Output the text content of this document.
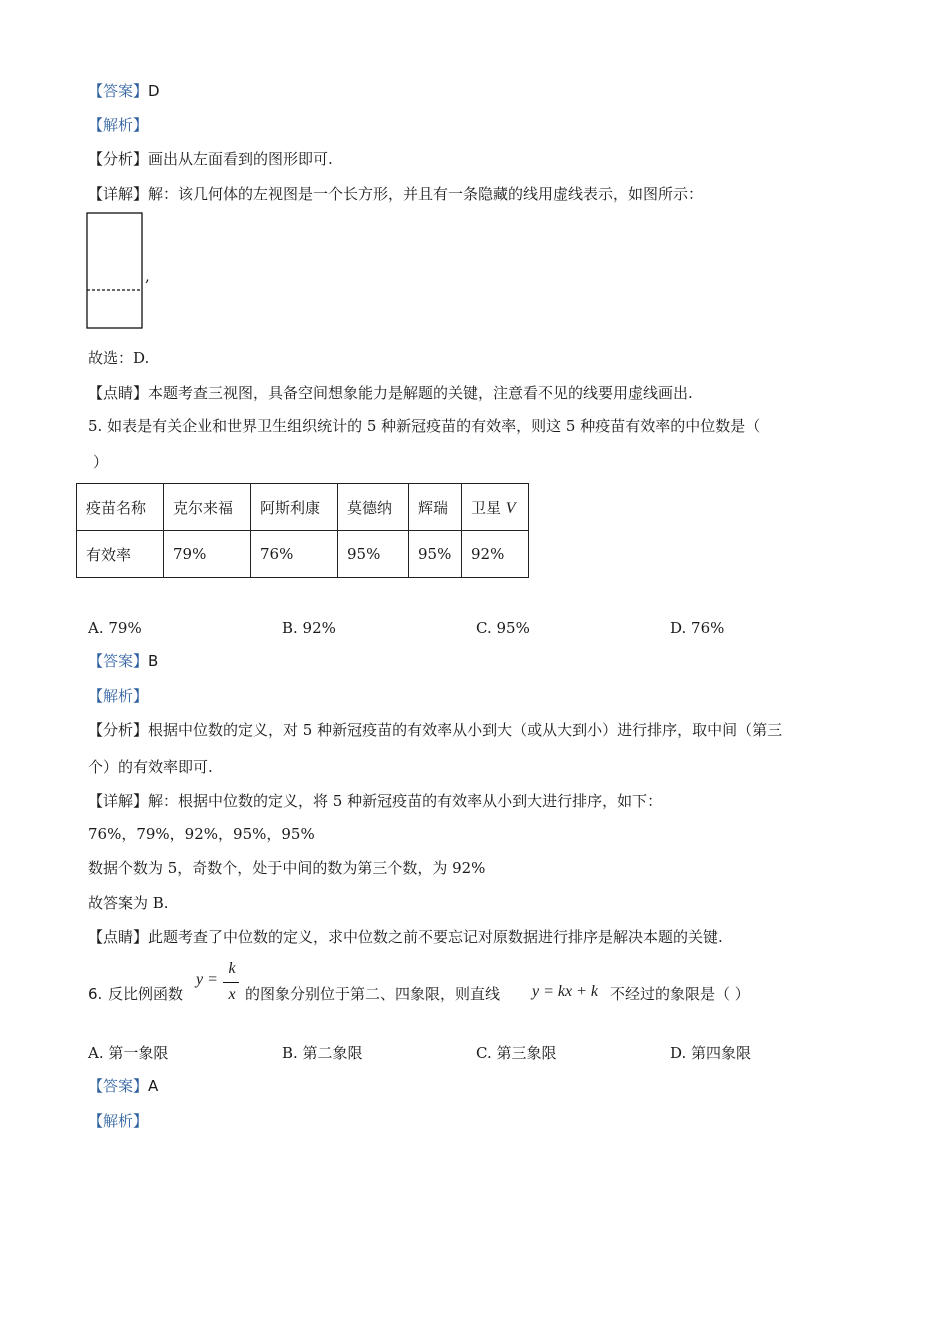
【答案】D
【解析】
【分析】画出从左面看到的图形即可.
【详解】解：该几何体的左视图是一个长方形，并且有一条隐藏的线用虚线表示，如图所示：
,
故选：D.
【点睛】本题考查三视图，具备空间想象能力是解题的关键，注意看不见的线要用虚线画出.
5. 如表是有关企业和世界卫生组织统计的 5 种新冠疫苗的有效率，则这 5 种疫苗有效率的中位数是（
）
疫苗名称	克尔来福	阿斯利康	莫德纳	辉瑞	卫星 V
有效率	79%	76%	95%	95%	92%
A. 79%	B. 92%	C. 95%	D. 76%
【答案】B
【解析】
【分析】根据中位数的定义，对 5 种新冠疫苗的有效率从小到大（或从大到小）进行排序，取中间（第三
个）的有效率即可.
【详解】解：根据中位数的定义，将 5 种新冠疫苗的有效率从小到大进行排序，如下：
76%，79%，92%，95%，95%
数据个数为 5，奇数个，处于中间的数为第三个数，为 92%
故答案为 B.
【点睛】此题考查了中位数的定义，求中位数之前不要忘记对原数据进行排序是解决本题的关键.
6. 反比例函数
y =
k
x 的图象分别位于第二、四象限，则直线 y = kx + k 不经过的象限是（ ）
A. 第一象限	B. 第二象限	C. 第三象限	D. 第四象限
【答案】A
【解析】
